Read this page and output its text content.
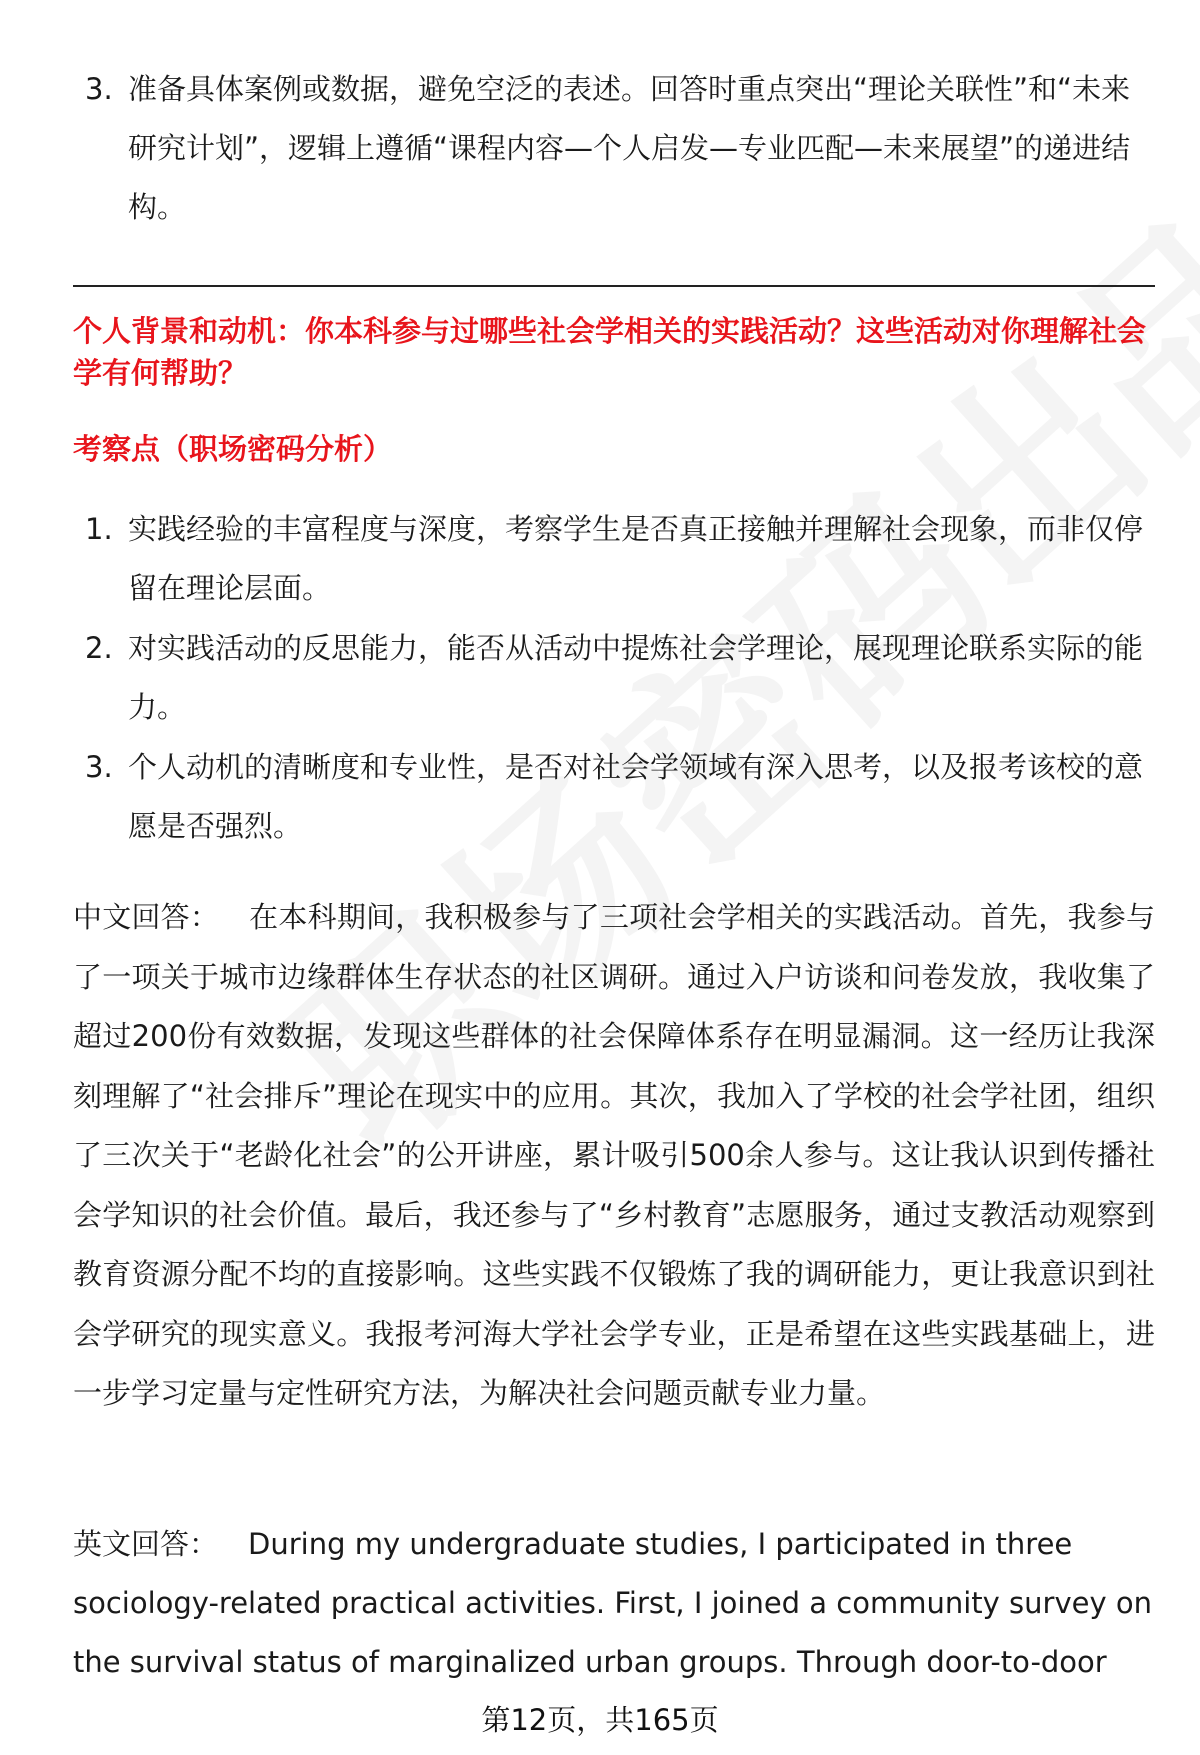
3. 准备具体案例或数据，避免空泛的表述。回答时重点突出“理论关联性”和“未来研究计划”，逻辑上遵循“课程内容—个人启发—专业匹配—未来展望”的递进结构。
个人背景和动机：你本科参与过哪些社会学相关的实践活动？这些活动对你理解社会学有何帮助？
考察点（职场密码分析）
1. 实践经验的丰富程度与深度，考察学生是否真正接触并理解社会现象，而非仅停留在理论层面。
2. 对实践活动的反思能力，能否从活动中提炼社会学理论，展现理论联系实际的能力。
3. 个人动机的清晰度和专业性，是否对社会学领域有深入思考，以及报考该校的意愿是否强烈。
中文回答： 在本科期间，我积极参与了三项社会学相关的实践活动。首先，我参与了一项关于城市边缘群体生存状态的社区调研。通过入户访谈和问卷发放，我收集了超过200份有效数据，发现这些群体的社会保障体系存在明显漏洞。这一经历让我深刻理解了“社会排斥”理论在现实中的应用。其次，我加入了学校的社会学社团，组织了三次关于“老龄化社会”的公开讲座，累计吸引500余人参与。这让我认识到传播社会学知识的社会价值。最后，我还参与了“乡村教育”志愿服务，通过支教活动观察到教育资源分配不均的直接影响。这些实践不仅锻炼了我的调研能力，更让我意识到社会学研究的现实意义。我报考河海大学社会学专业，正是希望在这些实践基础上，进一步学习定量与定性研究方法，为解决社会问题贡献专业力量。
英文回答： During my undergraduate studies, I participated in three sociology-related practical activities. First, I joined a community survey on the survival status of marginalized urban groups. Through door-to-door
第12页，共165页
